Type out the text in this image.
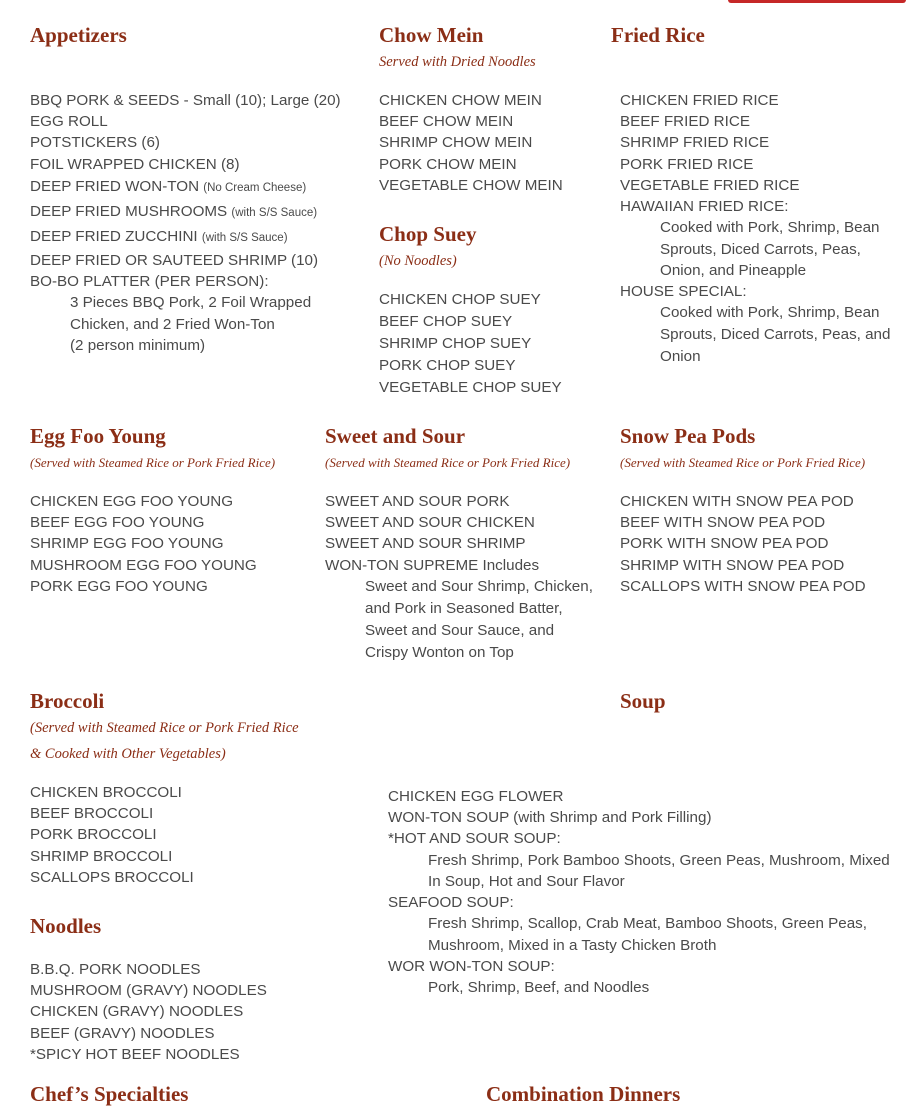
Appetizers
BBQ PORK & SEEDS - Small (10); Large (20)
EGG ROLL
POTSTICKERS (6)
FOIL WRAPPED CHICKEN (8)
DEEP FRIED WON-TON (No Cream Cheese)
DEEP FRIED MUSHROOMS (with S/S Sauce)
DEEP FRIED ZUCCHINI (with S/S Sauce)
DEEP FRIED OR SAUTEED SHRIMP (10)
BO-BO PLATTER (PER PERSON):
3 Pieces BBQ Pork, 2 Foil Wrapped Chicken, and 2 Fried Won-Ton
(2 person minimum)
Chow Mein
Served with Dried Noodles
CHICKEN CHOW MEIN
BEEF CHOW MEIN
SHRIMP CHOW MEIN
PORK CHOW MEIN
VEGETABLE CHOW MEIN
Chop Suey
(No Noodles)
CHICKEN CHOP SUEY
BEEF CHOP SUEY
SHRIMP CHOP SUEY
PORK CHOP SUEY
VEGETABLE CHOP SUEY
Fried Rice
CHICKEN FRIED RICE
BEEF FRIED RICE
SHRIMP FRIED RICE
PORK FRIED RICE
VEGETABLE FRIED RICE
HAWAIIAN FRIED RICE:
Cooked with Pork, Shrimp, Bean Sprouts, Diced Carrots, Peas, Onion, and Pineapple
HOUSE SPECIAL:
Cooked with Pork, Shrimp, Bean Sprouts, Diced Carrots, Peas, and Onion
Egg Foo Young
(Served with Steamed Rice or Pork Fried Rice)
CHICKEN EGG FOO YOUNG
BEEF EGG FOO YOUNG
SHRIMP EGG FOO YOUNG
MUSHROOM EGG FOO YOUNG
PORK EGG FOO YOUNG
Sweet and Sour
(Served with Steamed Rice or Pork Fried Rice)
SWEET AND SOUR PORK
SWEET AND SOUR CHICKEN
SWEET AND SOUR SHRIMP
WON-TON SUPREME Includes
Sweet and Sour Shrimp, Chicken, and Pork in Seasoned Batter, Sweet and Sour Sauce, and Crispy Wonton on Top
Snow Pea Pods
(Served with Steamed Rice or Pork Fried Rice)
CHICKEN WITH SNOW PEA POD
BEEF WITH SNOW PEA POD
PORK WITH SNOW PEA POD
SHRIMP WITH SNOW PEA POD
SCALLOPS WITH SNOW PEA POD
Broccoli
(Served with Steamed Rice or Pork Fried Rice
& Cooked with Other Vegetables)
CHICKEN BROCCOLI
BEEF BROCCOLI
PORK BROCCOLI
SHRIMP BROCCOLI
SCALLOPS BROCCOLI
Soup
CHICKEN EGG FLOWER
WON-TON SOUP (with Shrimp and Pork Filling)
*HOT AND SOUR SOUP:
Fresh Shrimp, Pork Bamboo Shoots, Green Peas, Mushroom, Mixed In Soup, Hot and Sour Flavor
SEAFOOD SOUP:
Fresh Shrimp, Scallop, Crab Meat, Bamboo Shoots, Green Peas, Mushroom, Mixed in a Tasty Chicken Broth
WOR WON-TON SOUP:
Pork, Shrimp, Beef, and Noodles
Noodles
B.B.Q. PORK NOODLES
MUSHROOM (GRAVY) NOODLES
CHICKEN (GRAVY) NOODLES
BEEF (GRAVY) NOODLES
*SPICY HOT BEEF NOODLES
Chef’s Specialties	Combination Dinners
